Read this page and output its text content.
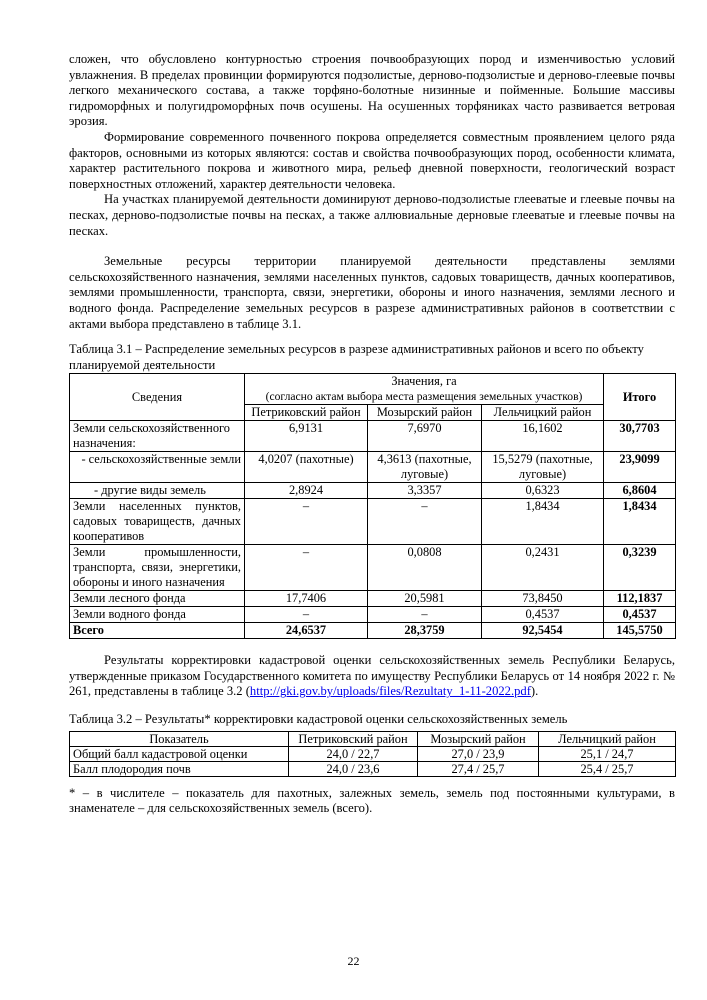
сложен, что обусловлено контурностью строения почвообразующих пород и изменчивостью условий увлажнения. В пределах провинции формируются подзолистые, дерново-подзолистые и дерново-глеевые почвы легкого механического состава, а также торфяно-болотные низинные и пойменные. Большие массивы гидроморфных и полугидроморфных почв осушены. На осушенных торфяниках часто развивается ветровая эрозия.

Формирование современного почвенного покрова определяется совместным проявлением целого ряда факторов, основными из которых являются: состав и свойства почвообразующих пород, особенности климата, характер растительного покрова и животного мира, рельеф дневной поверхности, геологический возраст поверхностных отложений, характер деятельности человека.

На участках планируемой деятельности доминируют дерново-подзолистые глееватые и глеевые почвы на песках, дерново-подзолистые почвы на песках, а также аллювиальные дерновые глееватые и глеевые почвы на песках.

Земельные ресурсы территории планируемой деятельности представлены землями сельскохозяйственного назначения, землями населенных пунктов, садовых товариществ, дачных кооперативов, землями промышленности, транспорта, связи, энергетики, обороны и иного назначения, землями лесного и водного фонда. Распределение земельных ресурсов в разрезе административных районов в соответствии с актами выбора представлено в таблице 3.1.

Таблица 3.1 – Распределение земельных ресурсов в разрезе административных районов и всего по объекту планируемой деятельности

Сведения	Значения, га
(согласно актам выбора места размещения земельных участков)			Итого
	Петриковский район	Мозырский район	Лельчицкий район	
Земли сельскохозяйственного назначения:	6,9131	7,6970	16,1602	30,7703
- сельскохозяйственные земли	4,0207 (пахотные)	4,3613 (пахотные, луговые)	15,5279 (пахотные, луговые)	23,9099
- другие виды земель	2,8924	3,3357	0,6323	6,8604
Земли населенных пунктов, садовых товариществ, дачных кооперативов	–	–	1,8434	1,8434
Земли промышленности, транспорта, связи, энергетики, обороны и иного назначения	–	0,0808	0,2431	0,3239
Земли лесного фонда	17,7406	20,5981	73,8450	112,1837
Земли водного фонда	–	–	0,4537	0,4537
Всего	24,6537	28,3759	92,5454	145,5750

Результаты корректировки кадастровой оценки сельскохозяйственных земель Республики Беларусь, утвержденные приказом Государственного комитета по имуществу Республики Беларусь от 14 ноября 2022 г. № 261, представлены в таблице 3.2 (http://gki.gov.by/uploads/files/Rezultaty_1-11-2022.pdf).

Таблица 3.2 – Результаты* корректировки кадастровой оценки сельскохозяйственных земель

Показатель	Петриковский район	Мозырский район	Лельчицкий район
Общий балл кадастровой оценки	24,0 / 22,7	27,0 / 23,9	25,1 / 24,7
Балл плодородия почв	24,0 / 23,6	27,4 / 25,7	25,4 / 25,7

* – в числителе – показатель для пахотных, залежных земель, земель под постоянными культурами, в знаменателе – для сельскохозяйственных земель (всего).

22
